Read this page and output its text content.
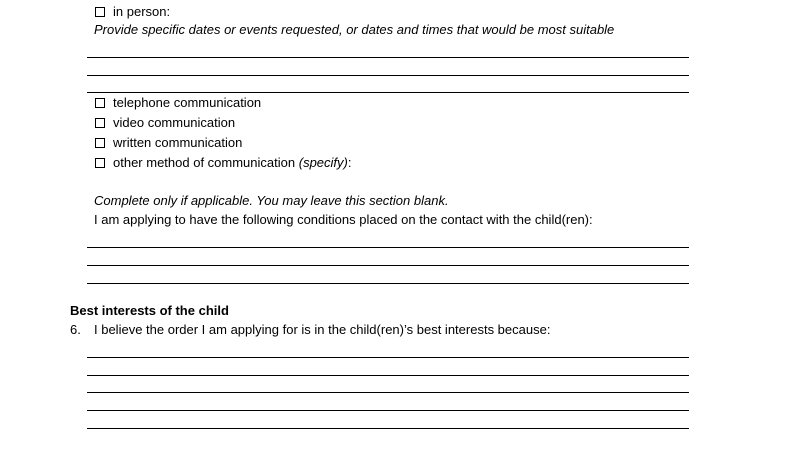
in person:
Provide specific dates or events requested, or dates and times that would be most suitable
telephone communication
video communication
written communication
other method of communication (specify):
Complete only if applicable. You may leave this section blank.
I am applying to have the following conditions placed on the contact with the child(ren):
Best interests of the child
6. I believe the order I am applying for is in the child(ren)’s best interests because:
